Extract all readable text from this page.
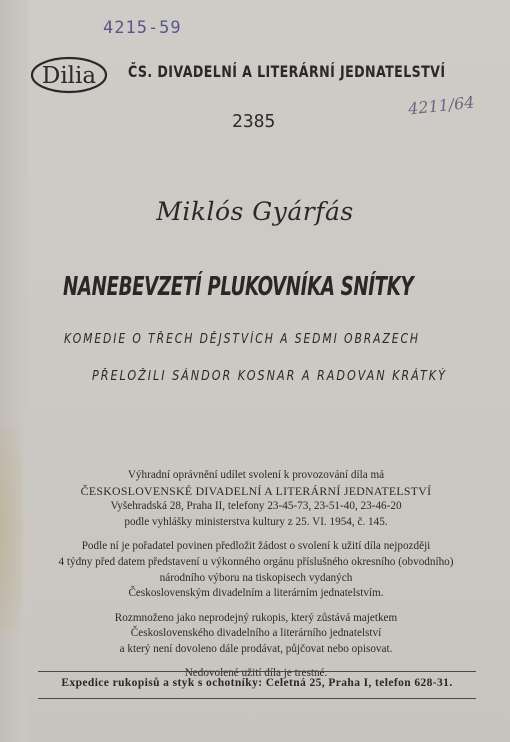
4215-59
4211/64
Dilia ČS. DIVADELNÍ A LITERÁRNÍ JEDNATELSTVÍ
2385
Miklós Gyárfás
NANEBEVZETÍ PLUKOVNÍKA SNÍTKY
KOMEDIE O TŘECH DĚJSTVÍCH A SEDMI OBRAZECH
PŘELOŽILI SÁNDOR KOSNAR A RADOVAN KRÁTKÝ
Výhradní oprávnění udílet svolení k provozování díla má
ČESKOSLOVENSKÉ DIVADELNÍ A LITERÁRNÍ JEDNATELSTVÍ
Vyšehradská 28, Praha II, telefony 23-45-73, 23-51-40, 23-46-20
podle vyhlášky ministerstva kultury z 25. VI. 1954, č. 145.
Podle ní je pořadatel povinen předložit žádost o svolení k užití díla nejpozději
4 týdny před datem představení u výkonného orgánu příslušného okresního (obvodního)
národního výboru na tiskopisech vydaných
Československým divadelním a literárním jednatelstvím.
Rozmnoženo jako neprodejný rukopis, který zůstává majetkem
Československého divadelního a literárního jednatelství
a který není dovoleno dále prodávat, půjčovat nebo opisovat.
Nedovolené užití díla je trestné.
Expedice rukopisů a styk s ochotníky: Celetná 25, Praha I, telefon 628-31.
